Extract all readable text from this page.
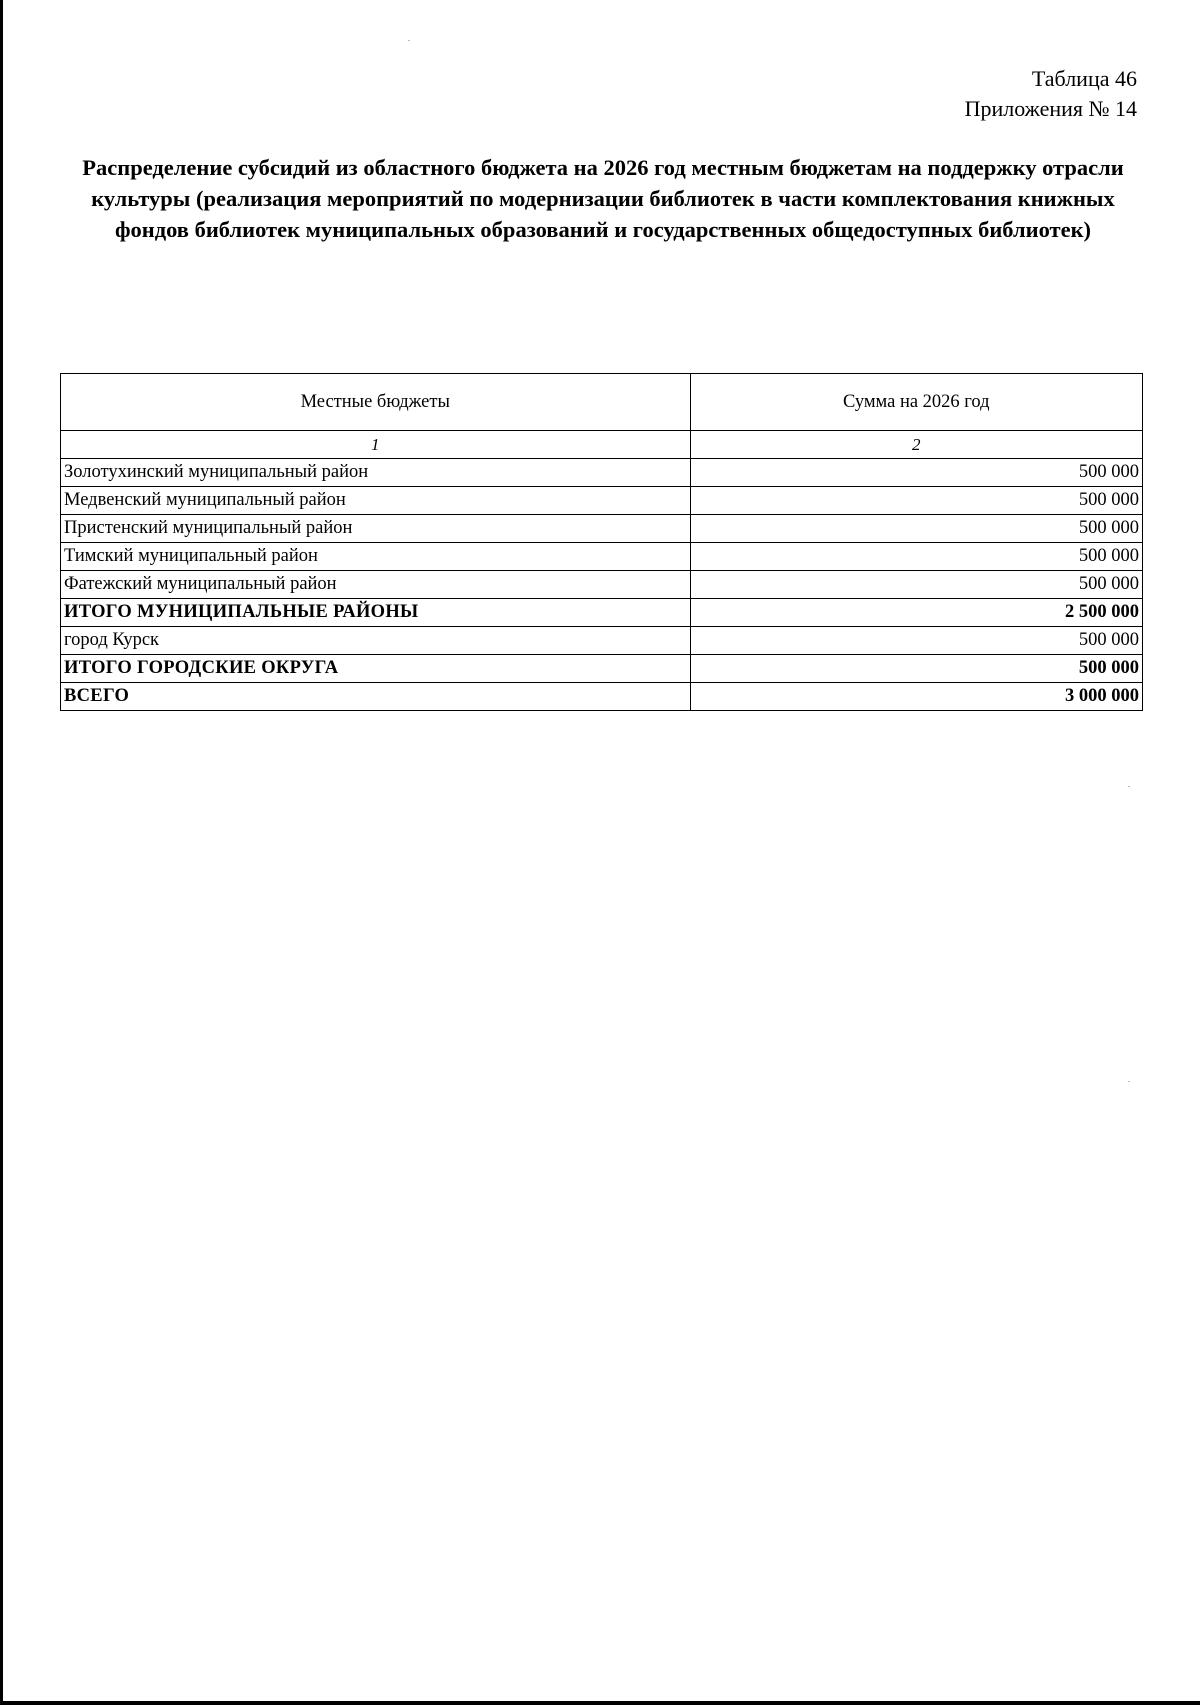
Таблица 46
Приложения № 14
Распределение субсидий из областного бюджета на 2026 год местным бюджетам на поддержку отрасли культуры (реализация мероприятий по модернизации библиотек в части комплектования книжных фондов библиотек муниципальных образований и государственных общедоступных библиотек)
Местные бюджеты	Сумма на 2026 год
1	2
Золотухинский муниципальный район	500 000
Медвенский муниципальный район	500 000
Пристенский муниципальный район	500 000
Тимский муниципальный район	500 000
Фатежский муниципальный район	500 000
ИТОГО МУНИЦИПАЛЬНЫЕ РАЙОНЫ	2 500 000
город Курск	500 000
ИТОГО ГОРОДСКИЕ ОКРУГА	500 000
ВСЕГО	3 000 000
